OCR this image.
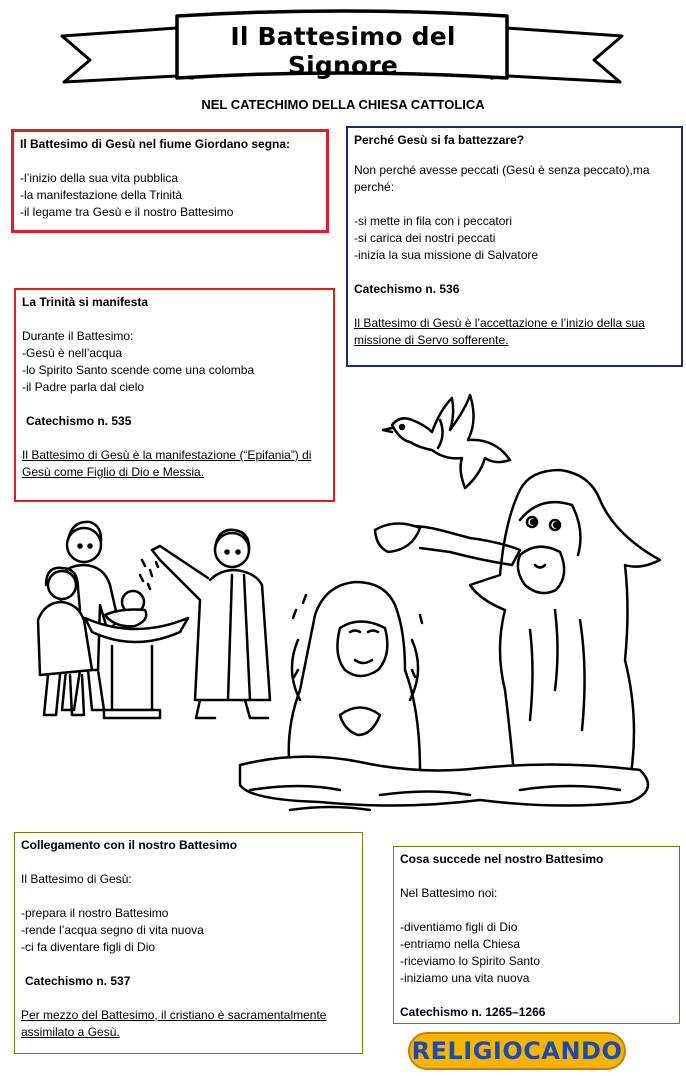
Il Battesimo del Signore
NEL CATECHIMO DELLA CHIESA CATTOLICA
Il Battesimo di Gesù nel fiume Giordano segna:
-l’inizio della sua vita pubblica
-la manifestazione della Trinità
-il legame tra Gesù e il nostro Battesimo
Perché Gesù si fa battezzare?
Non perché avesse peccati (Gesù è senza peccato),ma perché:
-si mette in fila con i peccatori
-si carica dei nostri peccati
-inizia la sua missione di Salvatore
Catechismo n. 536
Il Battesimo di Gesù è l’accettazione e l’inizio della sua missione di Servo sofferente.
La Trinità si manifesta
Durante il Battesimo:
-Gesù è nell’acqua
-lo Spirito Santo scende come una colomba
-il Padre parla dal cielo
Catechismo n. 535
Il Battesimo di Gesù è la manifestazione (“Epifania”) di Gesù come Figlio di Dio e Messia.
Collegamento con il nostro Battesimo
Il Battesimo di Gesù:
-prepara il nostro Battesimo
-rende l’acqua segno di vita nuova
-ci fa diventare figli di Dio
Catechismo n. 537
Per mezzo del Battesimo, il cristiano è sacramentalmente assimilato a Gesù.
Cosa succede nel nostro Battesimo
Nel Battesimo noi:
-diventiamo figli di Dio
-entriamo nella Chiesa
-riceviamo lo Spirito Santo
-iniziamo una vita nuova
Catechismo n. 1265–1266
RELIGIOCANDO
